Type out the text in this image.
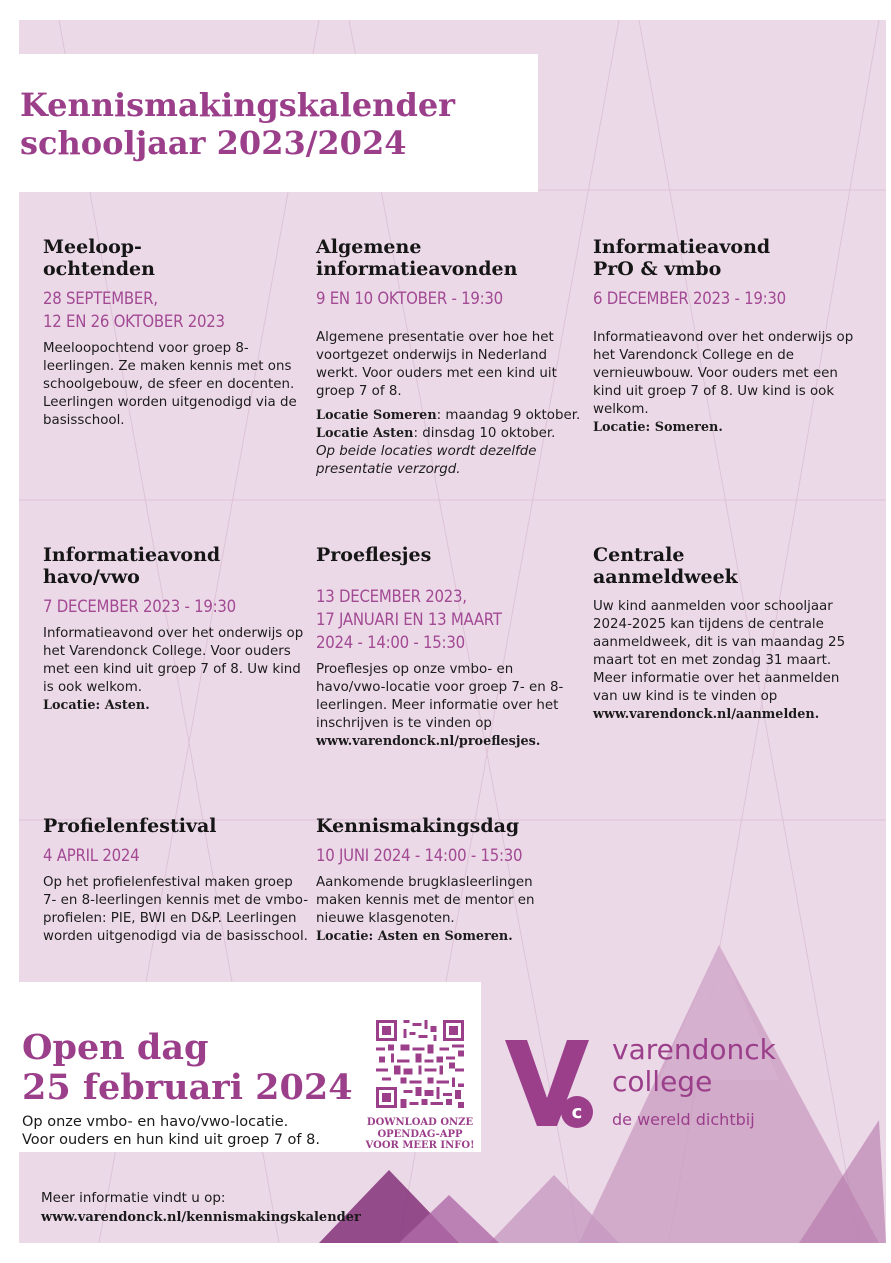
Kennismakingskalender
schooljaar 2023/2024
Meeloop-
ochtenden
28 SEPTEMBER,
12 EN 26 OKTOBER 2023

Meeloopochtend voor groep 8-leerlingen. Ze maken kennis met ons schoolgebouw, de sfeer en docenten. Leerlingen worden uitgenodigd via de basisschool.

Algemene
informatieavonden
9 EN 10 OKTOBER - 19:30

Algemene presentatie over hoe het voortgezet onderwijs in Nederland werkt. Voor ouders met een kind uit groep 7 of 8.

Locatie Someren: maandag 9 oktober.
Locatie Asten: dinsdag 10 oktober.
Op beide locaties wordt dezelfde presentatie verzorgd.

Informatieavond
PrO & vmbo
6 DECEMBER 2023 - 19:30

Informatieavond over het onderwijs op het Varendonck College en de vernieuwbouw. Voor ouders met een kind uit groep 7 of 8. Uw kind is ook welkom.
Locatie: Someren.

Informatieavond
havo/vwo
7 DECEMBER 2023 - 19:30

Informatieavond over het onderwijs op het Varendonck College. Voor ouders met een kind uit groep 7 of 8. Uw kind is ook welkom.
Locatie: Asten.

Proeflesjes
13 DECEMBER 2023,
17 JANUARI EN 13 MAART
2024 - 14:00 - 15:30

Proeflesjes op onze vmbo- en havo/vwo-locatie voor groep 7- en 8-leerlingen. Meer informatie over het inschrijven is te vinden op
www.varendonck.nl/proeflesjes.

Centrale
aanmeldweek

Uw kind aanmelden voor schooljaar 2024-2025 kan tijdens de centrale aanmeldweek, dit is van maandag 25 maart tot en met zondag 31 maart. Meer informatie over het aanmelden van uw kind is te vinden op
www.varendonck.nl/aanmelden.

Profielenfestival
4 APRIL 2024

Op het profielenfestival maken groep 7- en 8-leerlingen kennis met de vmbo-profielen: PIE, BWI en D&P. Leerlingen worden uitgenodigd via de basisschool.

Kennismakingsdag
10 JUNI 2024 - 14:00 - 15:30

Aankomende brugklasleerlingen maken kennis met de mentor en nieuwe klasgenoten.
Locatie: Asten en Someren.

Open dag
25 februari 2024

Op onze vmbo- en havo/vwo-locatie.
Voor ouders en hun kind uit groep 7 of 8.

DOWNLOAD ONZE
OPENDAG-APP
VOOR MEER INFO!

c

varendonck
college

de wereld dichtbij

Meer informatie vindt u op:

www.varendonck.nl/kennismakingskalender
